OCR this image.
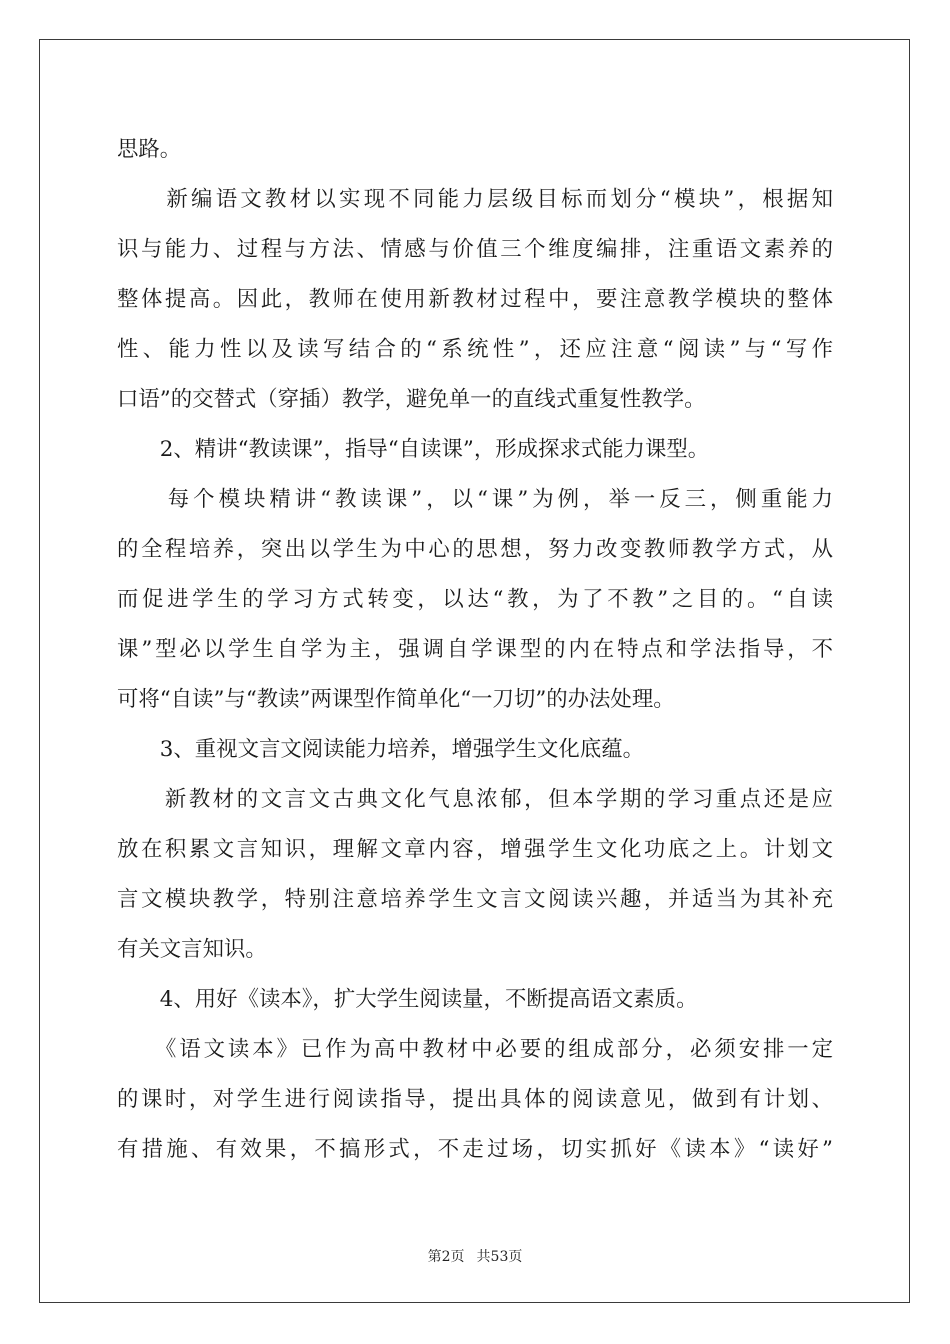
思路。

　　新编语文教材以实现不同能力层级目标而划分“模块”，根据知

识与能力、过程与方法、情感与价值三个维度编排，注重语文素养的

整体提高。因此，教师在使用新教材过程中，要注意教学模块的整体

性、能力性以及读写结合的“系统性”，还应注意“阅读”与“写作

口语”的交替式（穿插）教学，避免单一的直线式重复性教学。

　　2、精讲“教读课”，指导“自读课”，形成探求式能力课型。

　　每个模块精讲“教读课”，以“课”为例，举一反三，侧重能力

的全程培养，突出以学生为中心的思想，努力改变教师教学方式，从

而促进学生的学习方式转变，以达“教，为了不教”之目的。“自读

课”型必以学生自学为主，强调自学课型的内在特点和学法指导，不

可将“自读”与“教读”两课型作简单化“一刀切”的办法处理。

　　3、重视文言文阅读能力培养，增强学生文化底蕴。

　　新教材的文言文古典文化气息浓郁，但本学期的学习重点还是应

放在积累文言知识，理解文章内容，增强学生文化功底之上。计划文

言文模块教学，特别注意培养学生文言文阅读兴趣，并适当为其补充

有关文言知识。

　　4、用好《读本》，扩大学生阅读量，不断提高语文素质。

　　《语文读本》已作为高中教材中必要的组成部分，必须安排一定

的课时，对学生进行阅读指导，提出具体的阅读意见，做到有计划、

有措施、有效果，不搞形式，不走过场，切实抓好《读本》“读好”

第2页 共53页
